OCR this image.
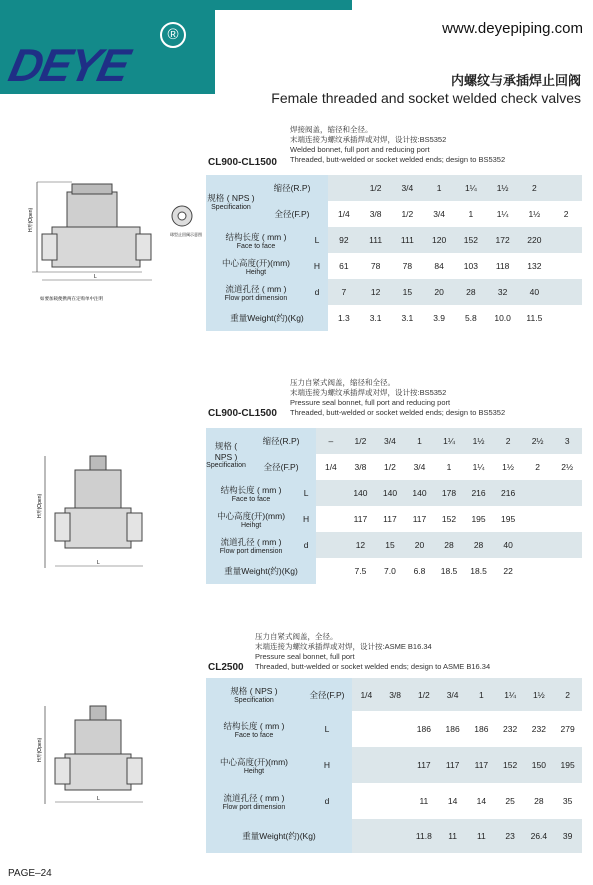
DEYE
®	www.deyepiping.com
内螺纹与承插焊止回阀
Female threaded and socket welded check valves
焊接阀盖，缩径和全径。
末端连接为螺纹承插焊或对焊，设计按:BS5352
Welded bonnet, full port and reducing port
Threaded, butt-welded or socket welded ends; design to BS5352
CL900-CL1500
H开(Open)
L
球型止回阀示意图
如要加载便携两在定购单中注明
规格 ( NPS )
Specification	缩径(R.P)			1/2	3/4	1	1¼	1½	2	
	全径(F.P)		1/4	3/8	1/2	3/4	1	1¼	1½	2
结构长度 ( mm )
Face to face		L	92	111	111	120	152	172	220	
中心高度(开)(mm)
Heihgt		H	61	78	78	84	103	118	132	
流道孔径 ( mm )
Flow port dimension		d	7	12	15	20	28	32	40	
重量Weight(约)(Kg)			1.3	3.1	3.1	3.9	5.8	10.0	11.5	
压力自紧式阀盖，缩径和全径。
末端连接为螺纹承插焊或对焊，设计按:BS5352
Pressure seal bonnet, full port and reducing port
Threaded, butt-welded or socket welded ends; design to BS5352
CL900-CL1500
H开(Open)
L
规格 ( NPS )
Specification	缩径(R.P)		–	1/2	3/4	1	1¼	1½	2	2½	3
	全径(F.P)		1/4	3/8	1/2	3/4	1	1¼	1½	2	2½
结构长度 ( mm )
Face to face		L		140	140	140	178	216	216		
中心高度(开)(mm)
Heihgt		H		117	117	117	152	195	195		
流道孔径 ( mm )
Flow port dimension		d		12	15	20	28	28	40		
重量Weight(约)(Kg)				7.5	7.0	6.8	18.5	18.5	22		
压力自紧式阀盖，全径。
末端连接为螺纹承插焊或对焊，设计按:ASME B16.34
Pressure seal bonnet, full port
Threaded, butt-welded or socket welded ends; design to ASME B16.34
CL2500
H开(Open)
L
规格 ( NPS )
Specification	全径(F.P)	1/4	3/8	1/2	3/4	1	1¼	1½	2
结构长度 ( mm )
Face to face	L			186	186	186	232	232	279
中心高度(开)(mm)
Heihgt	H			117	117	117	152	150	195
流道孔径 ( mm )
Flow port dimension	d			11	14	14	25	28	35
重量Weight(约)(Kg)				11.8	11	11	23	26.4	39
PAGE–24
